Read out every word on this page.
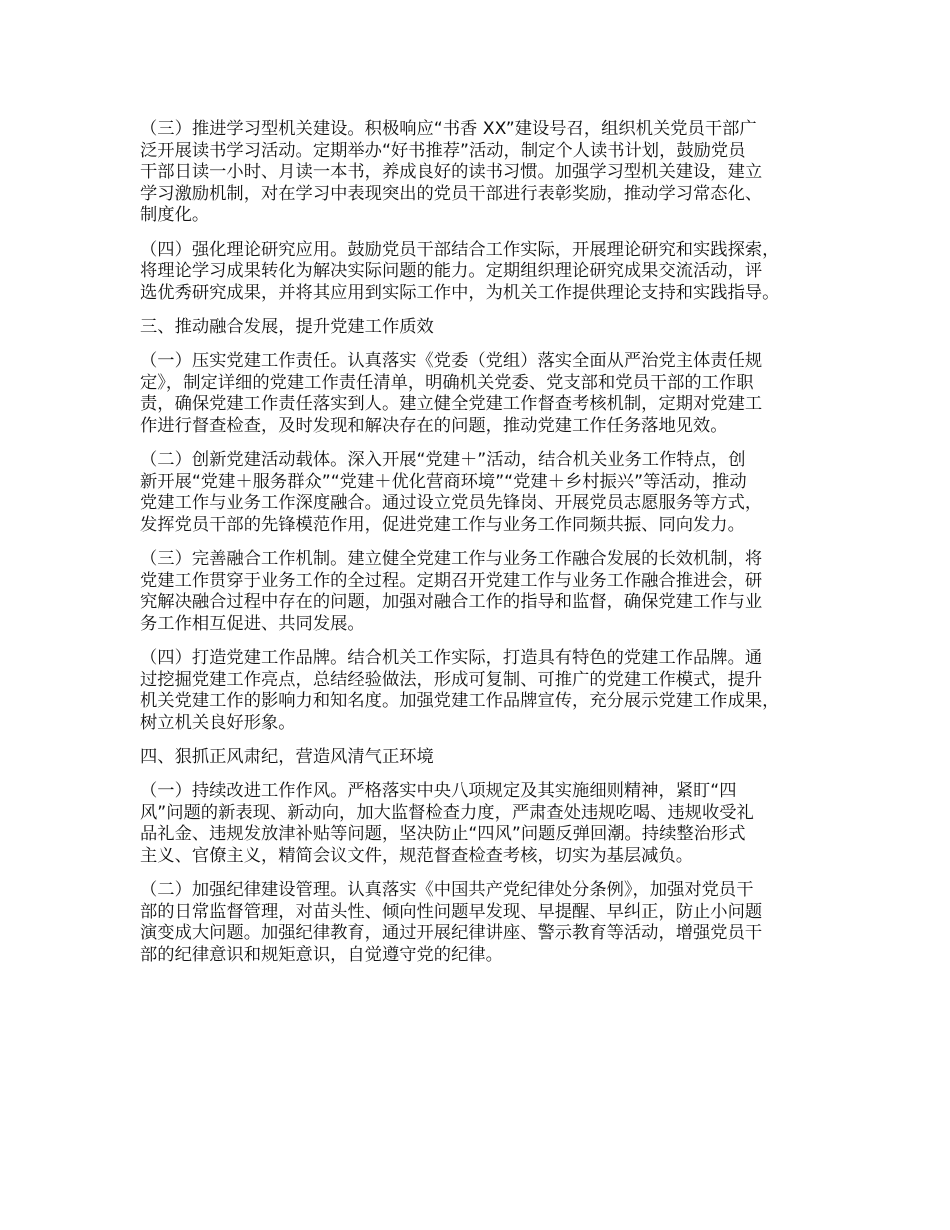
（三）推进学习型机关建设。积极响应“书香 XX”建设号召，组织机关党员干部广
泛开展读书学习活动。定期举办“好书推荐”活动，制定个人读书计划，鼓励党员
干部日读一小时、月读一本书，养成良好的读书习惯。加强学习型机关建设，建立
学习激励机制，对在学习中表现突出的党员干部进行表彰奖励，推动学习常态化、
制度化。
（四）强化理论研究应用。鼓励党员干部结合工作实际，开展理论研究和实践探索，
将理论学习成果转化为解决实际问题的能力。定期组织理论研究成果交流活动，评
选优秀研究成果，并将其应用到实际工作中，为机关工作提供理论支持和实践指导。
三、推动融合发展，提升党建工作质效
（一）压实党建工作责任。认真落实《党委（党组）落实全面从严治党主体责任规
定》，制定详细的党建工作责任清单，明确机关党委、党支部和党员干部的工作职
责，确保党建工作责任落实到人。建立健全党建工作督查考核机制，定期对党建工
作进行督查检查，及时发现和解决存在的问题，推动党建工作任务落地见效。
（二）创新党建活动载体。深入开展“党建＋”活动，结合机关业务工作特点，创
新开展“党建＋服务群众”“党建＋优化营商环境”“党建＋乡村振兴”等活动，推动
党建工作与业务工作深度融合。通过设立党员先锋岗、开展党员志愿服务等方式，
发挥党员干部的先锋模范作用，促进党建工作与业务工作同频共振、同向发力。
（三）完善融合工作机制。建立健全党建工作与业务工作融合发展的长效机制，将
党建工作贯穿于业务工作的全过程。定期召开党建工作与业务工作融合推进会，研
究解决融合过程中存在的问题，加强对融合工作的指导和监督，确保党建工作与业
务工作相互促进、共同发展。
（四）打造党建工作品牌。结合机关工作实际，打造具有特色的党建工作品牌。通
过挖掘党建工作亮点，总结经验做法，形成可复制、可推广的党建工作模式，提升
机关党建工作的影响力和知名度。加强党建工作品牌宣传，充分展示党建工作成果，
树立机关良好形象。
四、狠抓正风肃纪，营造风清气正环境
（一）持续改进工作作风。严格落实中央八项规定及其实施细则精神，紧盯“四
风”问题的新表现、新动向，加大监督检查力度，严肃查处违规吃喝、违规收受礼
品礼金、违规发放津补贴等问题，坚决防止“四风”问题反弹回潮。持续整治形式
主义、官僚主义，精简会议文件，规范督查检查考核，切实为基层减负。
（二）加强纪律建设管理。认真落实《中国共产党纪律处分条例》，加强对党员干
部的日常监督管理，对苗头性、倾向性问题早发现、早提醒、早纠正，防止小问题
演变成大问题。加强纪律教育，通过开展纪律讲座、警示教育等活动，增强党员干
部的纪律意识和规矩意识，自觉遵守党的纪律。
